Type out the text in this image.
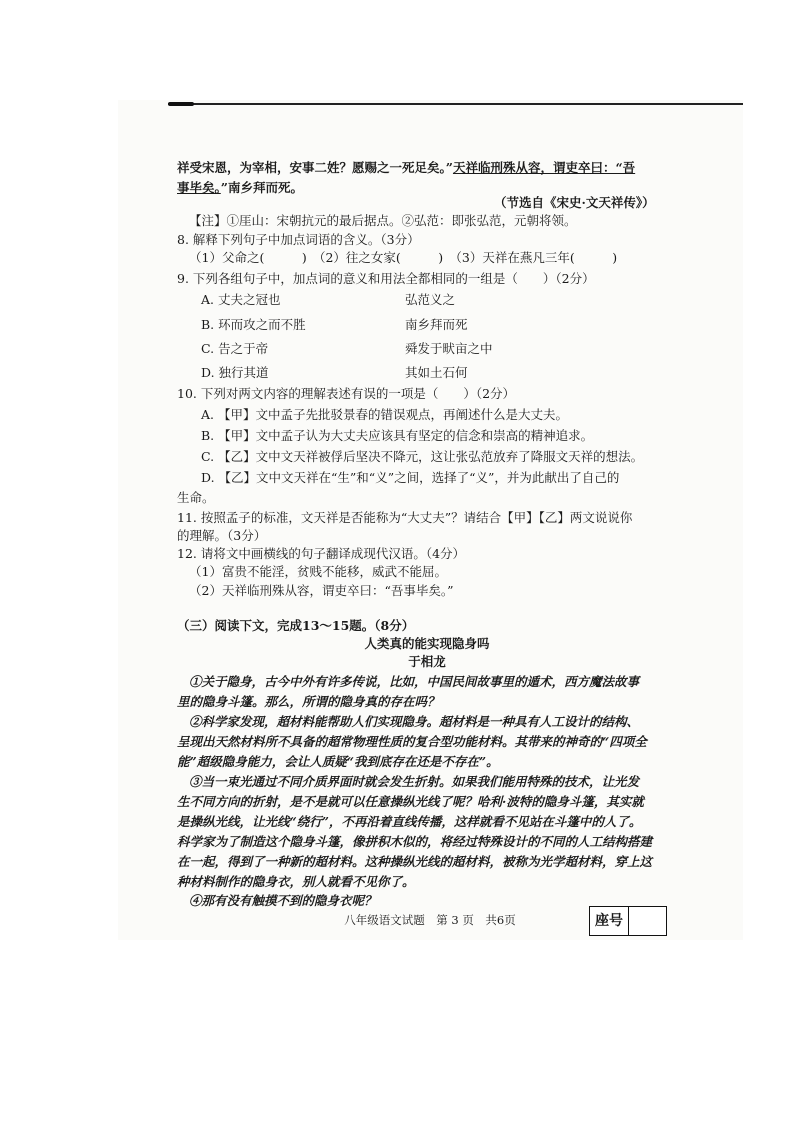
祥受宋恩，为宰相，安事二姓？愿赐之一死足矣。”天祥临刑殊从容，谓吏卒曰：“吾
事毕矣。”南乡拜而死。
（节选自《宋史·文天祥传》）
【注】①厓山：宋朝抗元的最后据点。②弘范：即张弘范，元朝将领。
8. 解释下列句子中加点词语的含义。（3分）
（1）父命之(　　　)　（2）往之女家(　　　)　（3）天祥在燕凡三年(　　　)
9. 下列各组句子中，加点词的意义和用法全都相同的一组是（　　）（2分）
A. 丈夫之冠也	弘范义之
B. 环而攻之而不胜	南乡拜而死
C. 告之于帝	舜发于畎亩之中
D. 独行其道	其如土石何
10. 下列对两文内容的理解表述有误的一项是（　　）（2分）
A. 【甲】文中孟子先批驳景春的错误观点，再阐述什么是大丈夫。
B. 【甲】文中孟子认为大丈夫应该具有坚定的信念和崇高的精神追求。
C. 【乙】文中文天祥被俘后坚决不降元，这让张弘范放弃了降服文天祥的想法。
D. 【乙】文中文天祥在“生”和“义”之间，选择了“义”，并为此献出了自己的
生命。
11. 按照孟子的标准，文天祥是否能称为“大丈夫”？请结合【甲】【乙】两文说说你
的理解。（3分）
12. 请将文中画横线的句子翻译成现代汉语。（4分）
（1）富贵不能淫，贫贱不能移，威武不能屈。
（2）天祥临刑殊从容，谓吏卒曰：“吾事毕矣。”
（三）阅读下文，完成13～15题。（8分）
人类真的能实现隐身吗
于相龙
①关于隐身，古今中外有许多传说，比如，中国民间故事里的遁术，西方魔法故事
里的隐身斗篷。那么，所谓的隐身真的存在吗？
②科学家发现，超材料能帮助人们实现隐身。超材料是一种具有人工设计的结构、
呈现出天然材料所不具备的超常物理性质的复合型功能材料。其带来的神奇的“四项全
能”超级隐身能力，会让人质疑“我到底存在还是不存在”。
③当一束光通过不同介质界面时就会发生折射。如果我们能用特殊的技术，让光发
生不同方向的折射，是不是就可以任意操纵光线了呢？哈利·波特的隐身斗篷，其实就
是操纵光线，让光线“绕行”，不再沿着直线传播，这样就看不见站在斗篷中的人了。
科学家为了制造这个隐身斗篷，像拼积木似的，将经过特殊设计的不同的人工结构搭建
在一起，得到了一种新的超材料。这种操纵光线的超材料，被称为光学超材料，穿上这
种材料制作的隐身衣，别人就看不见你了。
④那有没有触摸不到的隐身衣呢？
八年级语文试题　第 3 页　共6页	座号
